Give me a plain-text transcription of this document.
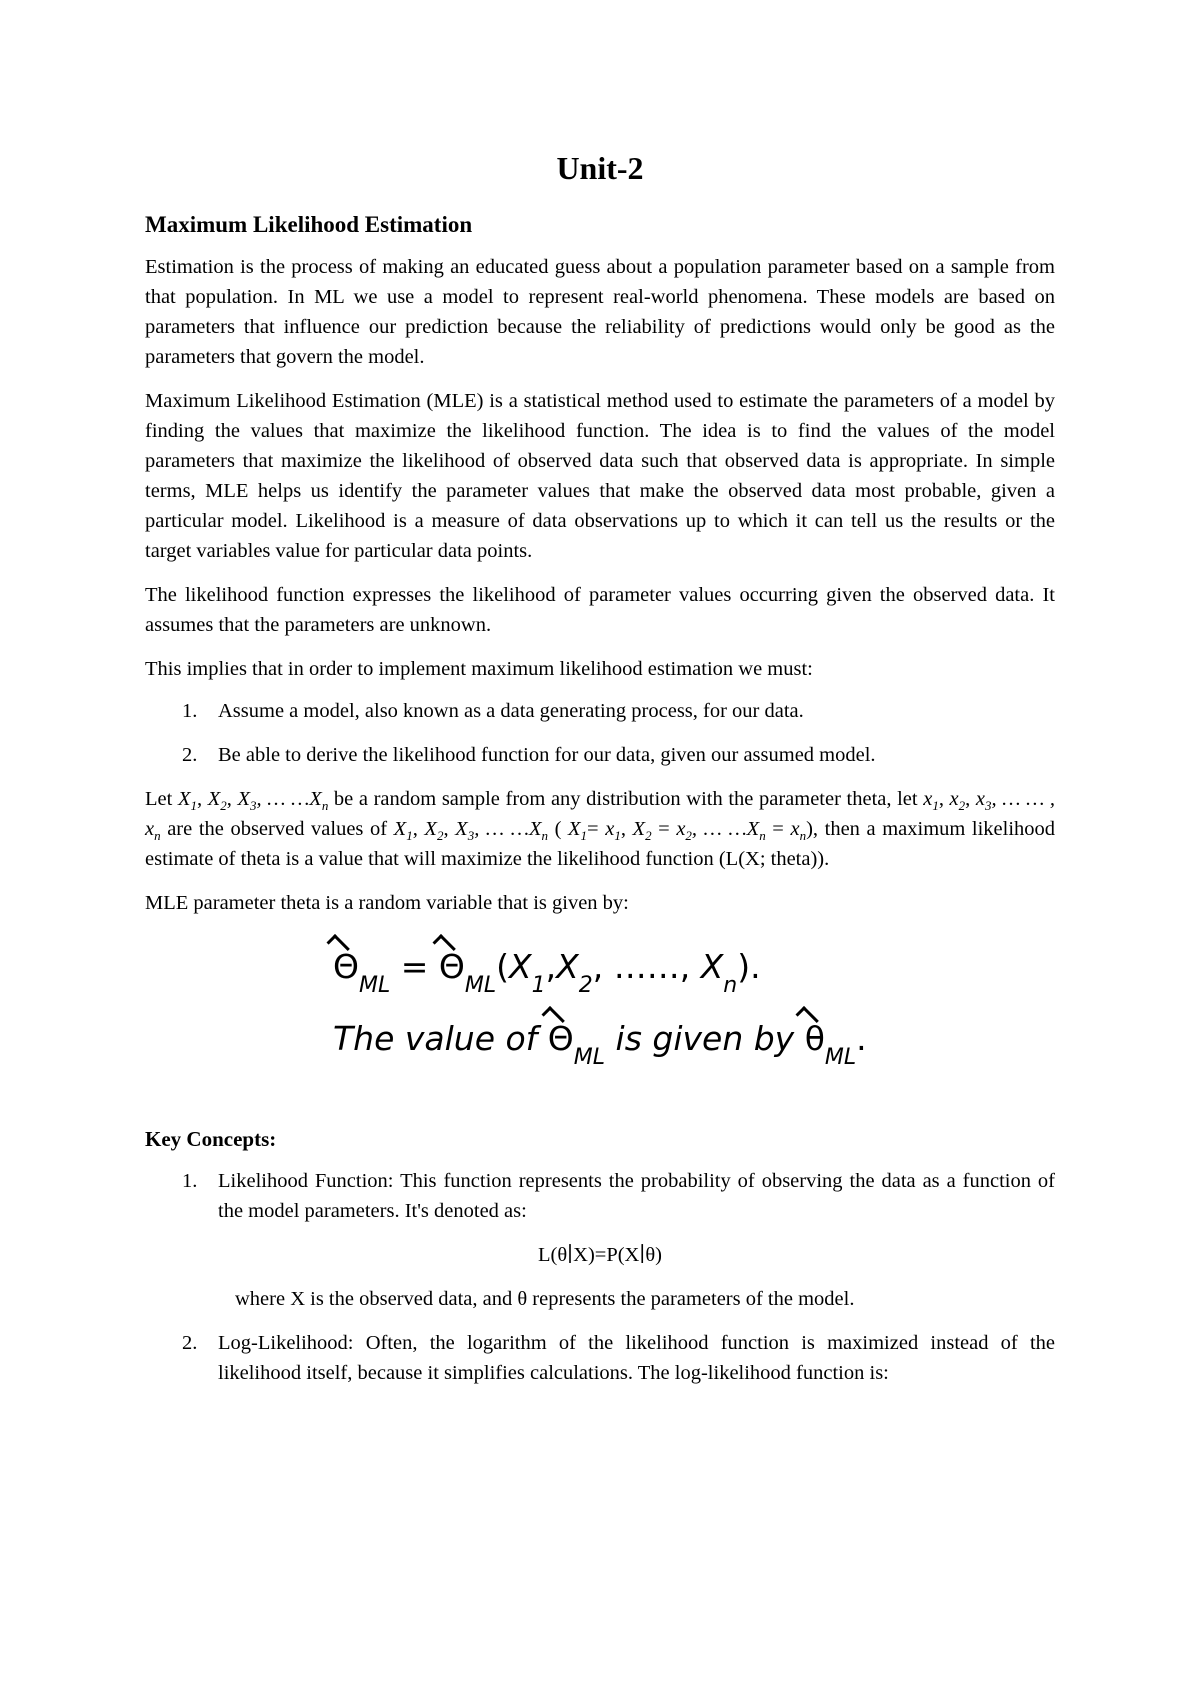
Unit-2
Maximum Likelihood Estimation

Estimation is the process of making an educated guess about a population parameter based on a sample from that population. In ML we use a model to represent real-world phenomena. These models are based on parameters that influence our prediction because the reliability of predictions would only be good as the parameters that govern the model.

Maximum Likelihood Estimation (MLE) is a statistical method used to estimate the parameters of a model by finding the values that maximize the likelihood function. The idea is to find the values of the model parameters that maximize the likelihood of observed data such that observed data is appropriate. In simple terms, MLE helps us identify the parameter values that make the observed data most probable, given a particular model. Likelihood is a measure of data observations up to which it can tell us the results or the target variables value for particular data points.

The likelihood function expresses the likelihood of parameter values occurring given the observed data. It assumes that the parameters are unknown.

This implies that in order to implement maximum likelihood estimation we must:

1. Assume a model, also known as a data generating process, for our data.
2. Be able to derive the likelihood function for our data, given our assumed model.

Let $X_1$, $X_2$, $X_3$, … $\dots X_n$ be a random sample from any distribution with the parameter theta, let $x_1$, $x_2$, $x_3$, … … , $x_n$ are the observed values of $X_1$, $X_2$, $X_3$, … $\dots X_n$ ( $X_1= x_1$, $X_2 = x_2$, … $\dots X_n = x_n$), then a maximum likelihood estimate of theta is a value that will maximize the likelihood function (L(X; theta)).

MLE parameter theta is a random variable that is given by:

$\Theta_{ML} = \Theta_{ML}(X_1,X_2$, ……, $X_n$).
The value of $\Theta_{ML}$ is given by $\theta_{ML}$.
Key Concepts:
1. Likelihood Function: This function represents the probability of observing the data as a function of the model parameters. It's denoted as:
L(θ∣X)=P(X∣θ)
where X is the observed data, and θ represents the parameters of the model.
2. Log-Likelihood: Often, the logarithm of the likelihood function is maximized instead of the likelihood itself, because it simplifies calculations. The log-likelihood function is:
